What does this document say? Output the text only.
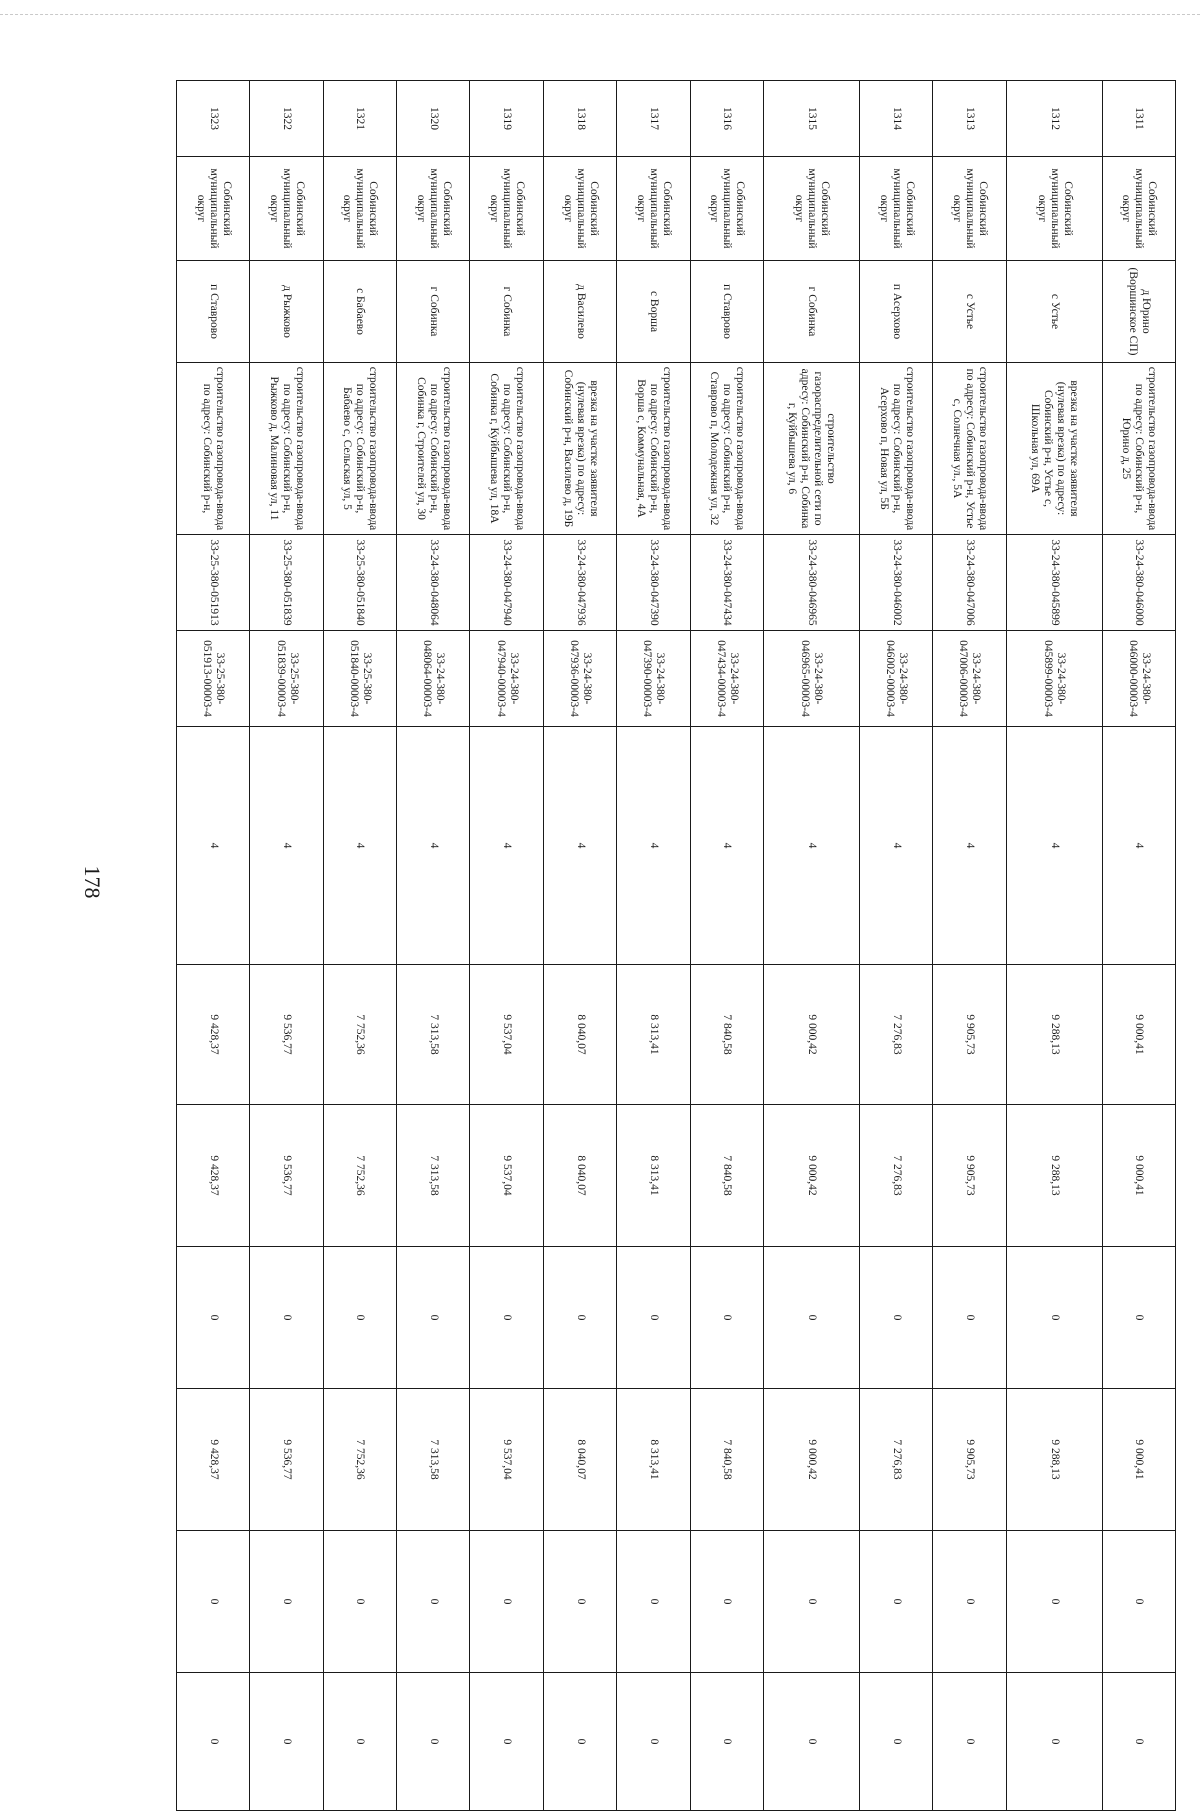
178
1311	Собинский муниципальный округ	д Юрино (Воршинское СП)	строительство газопровода-ввода по адресу: Собинский р-н, Юрино д, 25	33-24-380-046000	33-24-380-046000-00003-4	4	9 000,41	9 000,41	0	9 000,41	0	0
1312	Собинский муниципальный округ	с Устье	врезка на участке заявителя (нулевая врезка) по адресу: Собинский р-н, Устье с, Школьная ул, 69А	33-24-380-045899	33-24-380-045899-00003-4	4	9 288,13	9 288,13	0	9 288,13	0	0
1313	Собинский муниципальный округ	с Устье	строительство газопровода-ввода по адресу: Собинский р-н, Устье с, Солнечная ул., 5А	33-24-380-047006	33-24-380-047006-00003-4	4	9 905,73	9 905,73	0	9 905,73	0	0
1314	Собинский муниципальный округ	п Асерхово	строительство газопровода-ввода по адресу: Собинский р-н, Асерхово п, Новая ул, 5Б	33-24-380-046002	33-24-380-046002-00003-4	4	7 276,83	7 276,83	0	7 276,83	0	0
1315	Собинский муниципальный округ	г Собинка	строительство газораспределительной сети по адресу: Собинский р-н, Собинка г, Куйбышева ул, 6	33-24-380-046965	33-24-380-046965-00003-4	4	9 000,42	9 000,42	0	9 000,42	0	0
1316	Собинский муниципальный округ	п Ставрово	строительство газопровода-ввода по адресу: Собинский р-н, Ставрово п, Молодежная ул, 32	33-24-380-047434	33-24-380-047434-00003-4	4	7 840,58	7 840,58	0	7 840,58	0	0
1317	Собинский муниципальный округ	с Ворша	строительство газопровода-ввода по адресу: Собинский р-н, Ворша с, Коммунальная, 4А	33-24-380-047390	33-24-380-047390-00003-4	4	8 313,41	8 313,41	0	8 313,41	0	0
1318	Собинский муниципальный округ	д Василево	врезка на участке заявителя (нулевая врезка) по адресу: Собинский р-н, Василево д, 19Б	33-24-380-047936	33-24-380-047936-00003-4	4	8 040,07	8 040,07	0	8 040,07	0	0
1319	Собинский муниципальный округ	г Собинка	строительство газопровода-ввода по адресу: Собинский р-н, Собинка г, Куйбышева ул, 18А	33-24-380-047940	33-24-380-047940-00003-4	4	9 537,04	9 537,04	0	9 537,04	0	0
1320	Собинский муниципальный округ	г Собинка	строительство газопровода-ввода по адресу: Собинский р-н, Собинка г, Строителей ул, 30	33-24-380-048064	33-24-380-048064-00003-4	4	7 313,58	7 313,58	0	7 313,58	0	0
1321	Собинский муниципальный округ	с Бабаево	строительство газопровода-ввода по адресу: Собинский р-н, Бабаево с, Сельская ул, 5	33-25-380-051840	33-25-380-051840-00003-4	4	7 752,36	7 752,36	0	7 752,36	0	0
1322	Собинский муниципальный округ	д Рыжково	строительство газопровода-ввода по адресу: Собинский р-н, Рыжково д, Малиновая ул, 11	33-25-380-051839	33-25-380-051839-00003-4	4	9 536,77	9 536,77	0	9 536,77	0	0
1323	Собинский муниципальный округ	п Ставрово	строительство газопровода-ввода по адресу: Собинский р-н,	33-25-380-051913	33-25-380-051913-00003-4	4	9 428,37	9 428,37	0	9 428,37	0	0
